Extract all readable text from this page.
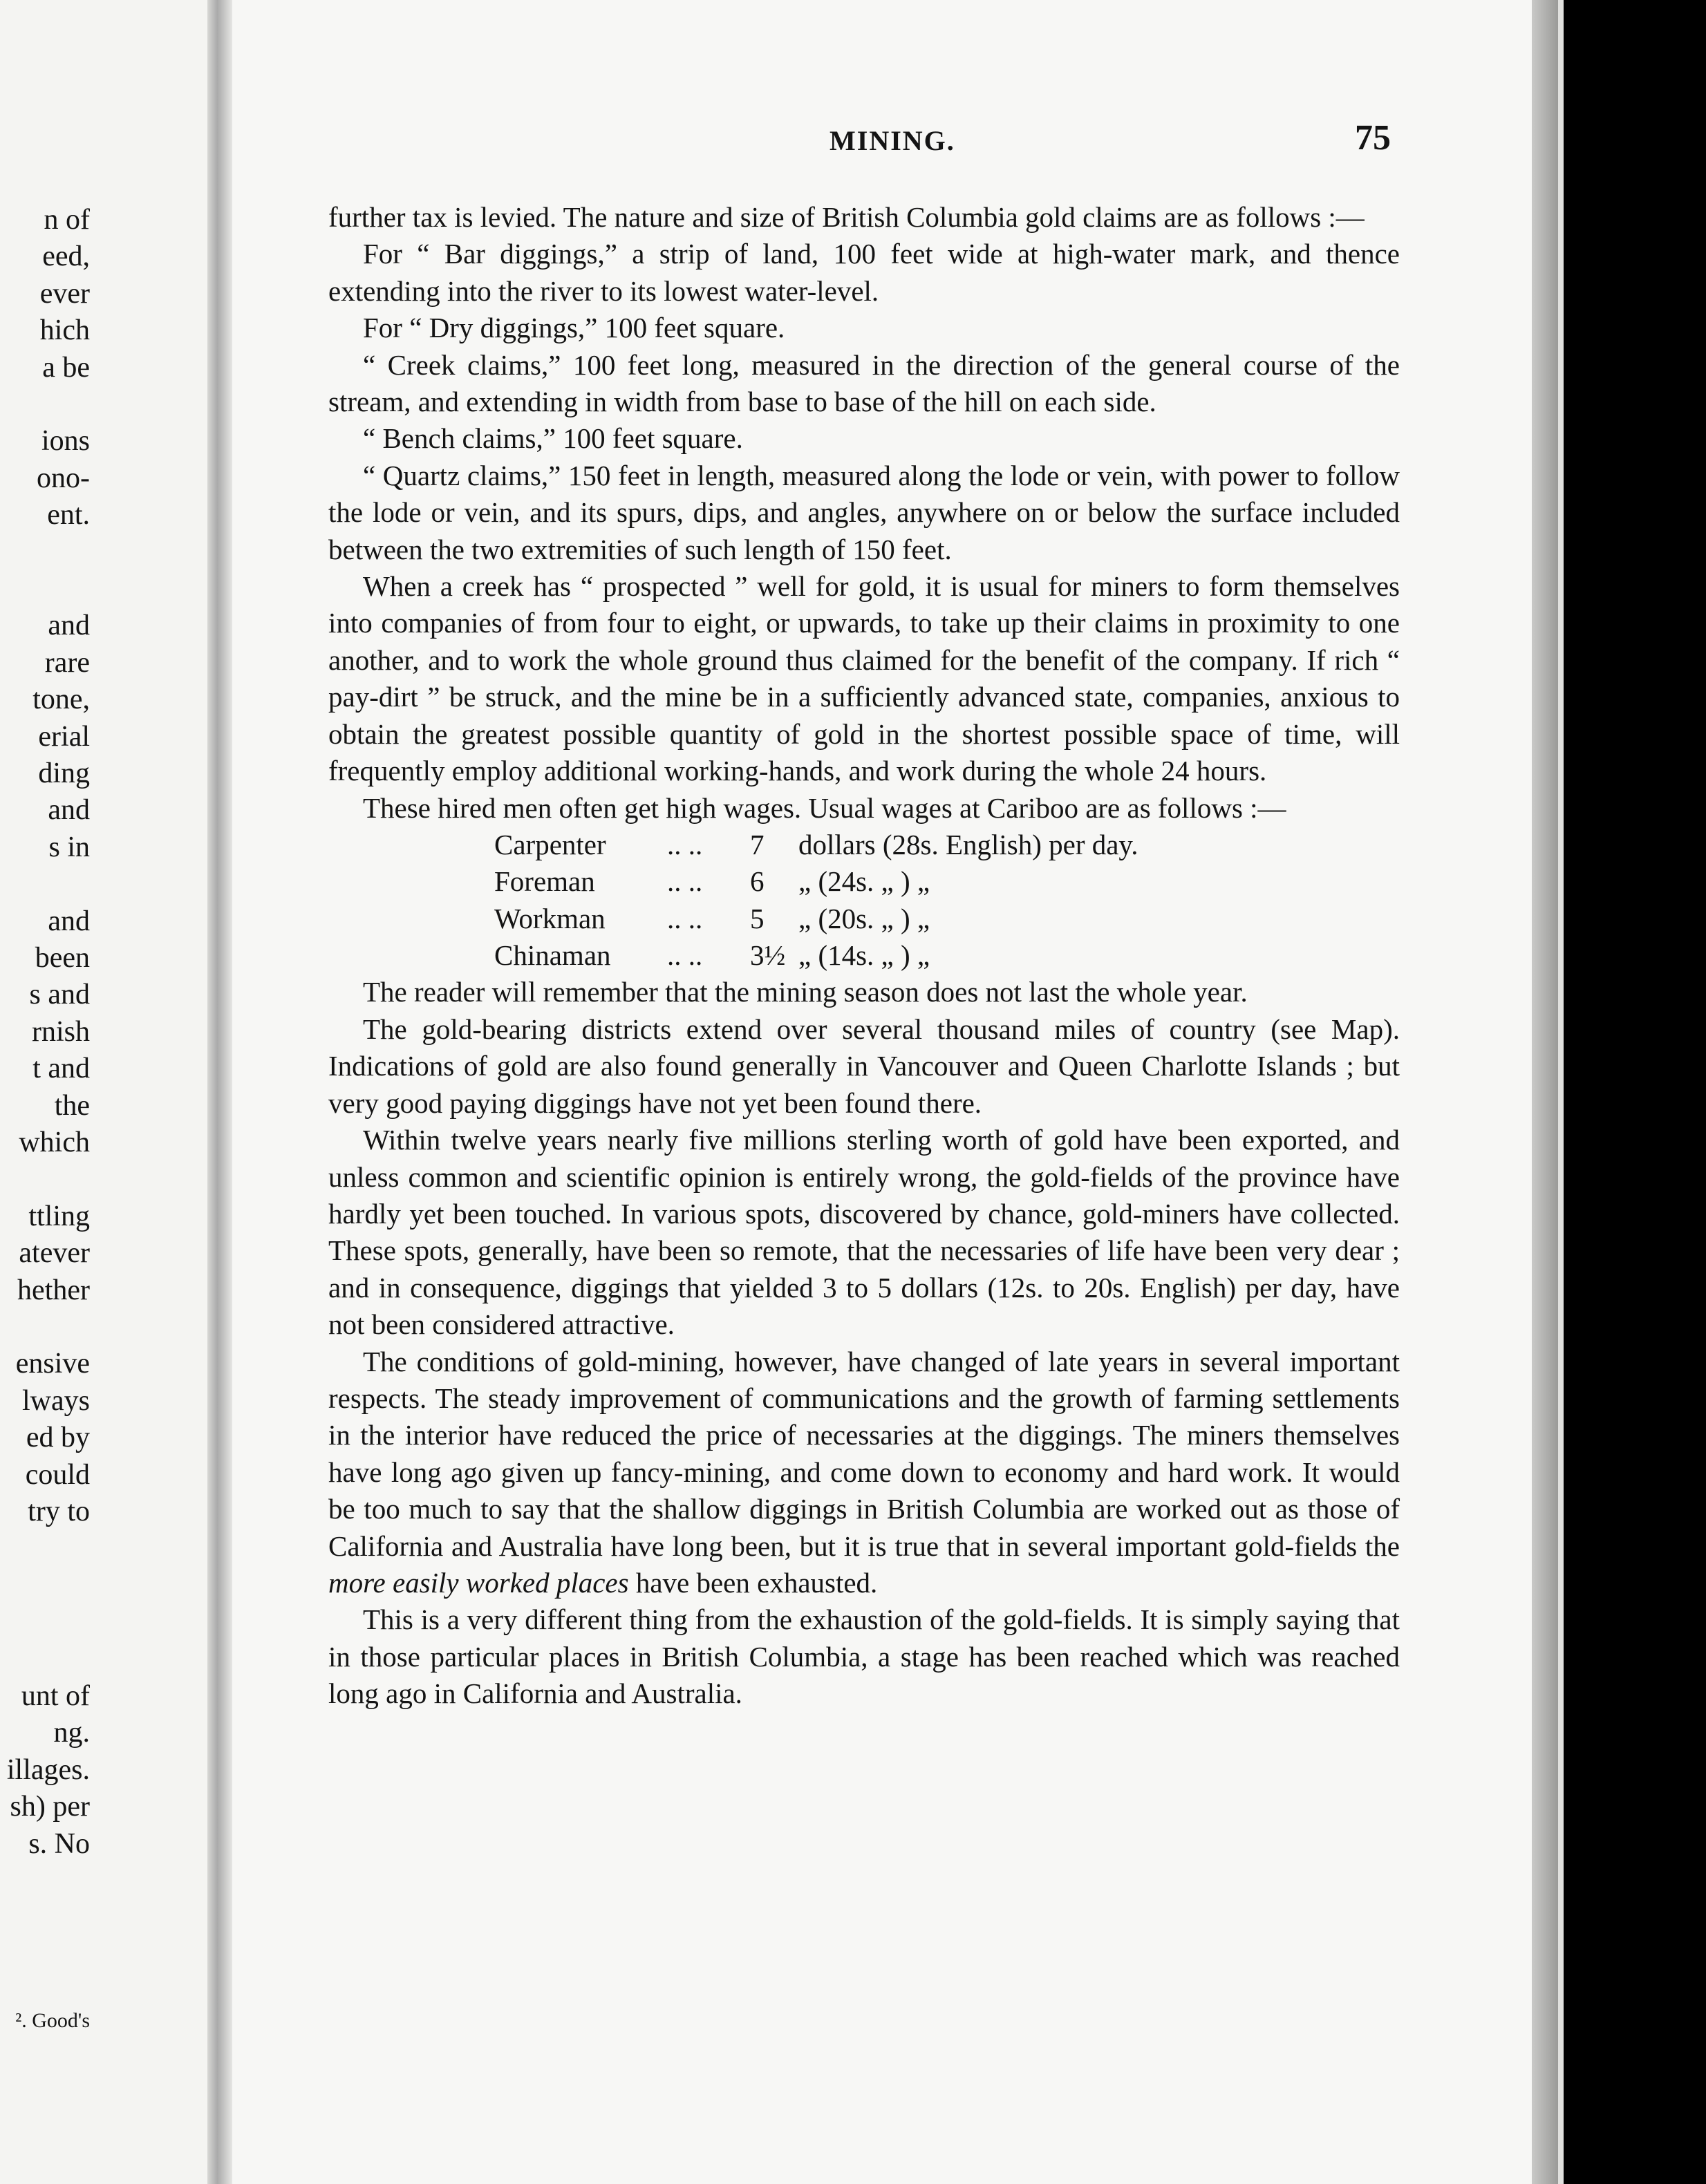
n of
eed,
ever
hich
a be
ions
ono-
ent.
and
rare
tone,
erial
ding
and
s in
and
been
s and
rnish
t and
the
which
ttling
atever
hether
ensive
lways
ed by
could
try to
unt of
ng.
illages.
sh) per
s. No
². Good's
MINING.	75

further tax is levied. The nature and size of British Columbia gold claims are as follows :—

For “ Bar diggings,” a strip of land, 100 feet wide at high-water mark, and thence extending into the river to its lowest water-level.

For “ Dry diggings,” 100 feet square.

“ Creek claims,” 100 feet long, measured in the direction of the general course of the stream, and extending in width from base to base of the hill on each side.

“ Bench claims,” 100 feet square.

“ Quartz claims,” 150 feet in length, measured along the lode or vein, with power to follow the lode or vein, and its spurs, dips, and angles, anywhere on or below the surface included between the two extremities of such length of 150 feet.

When a creek has “ prospected ” well for gold, it is usual for miners to form themselves into companies of from four to eight, or upwards, to take up their claims in proximity to one another, and to work the whole ground thus claimed for the benefit of the company. If rich “ pay-dirt ” be struck, and the mine be in a sufficiently advanced state, companies, anxious to obtain the greatest possible quantity of gold in the shortest possible space of time, will frequently employ additional working-hands, and work during the whole 24 hours.

These hired men often get high wages. Usual wages at Cariboo are as follows :—

Carpenter	.. ..	7	dollars (28s. English) per day.
Foreman	.. ..	6	„ (24s. „ ) „
Workman	.. ..	5	„ (20s. „ ) „
Chinaman	.. ..	3½ „ (14s. „ ) „

The reader will remember that the mining season does not last the whole year.

The gold-bearing districts extend over several thousand miles of country (see Map). Indications of gold are also found generally in Vancouver and Queen Charlotte Islands ; but very good paying diggings have not yet been found there.

Within twelve years nearly five millions sterling worth of gold have been exported, and unless common and scientific opinion is entirely wrong, the gold-fields of the province have hardly yet been touched. In various spots, discovered by chance, gold-miners have collected. These spots, generally, have been so remote, that the necessaries of life have been very dear ; and in consequence, diggings that yielded 3 to 5 dollars (12s. to 20s. English) per day, have not been considered attractive.

The conditions of gold-mining, however, have changed of late years in several important respects. The steady improvement of communications and the growth of farming settlements in the interior have reduced the price of necessaries at the diggings. The miners themselves have long ago given up fancy-mining, and come down to economy and hard work. It would be too much to say that the shallow diggings in British Columbia are worked out as those of California and Australia have long been, but it is true that in several important gold-fields the more easily worked places have been exhausted.

This is a very different thing from the exhaustion of the gold-fields. It is simply saying that in those particular places in British Columbia, a stage has been reached which was reached long ago in California and Australia.
